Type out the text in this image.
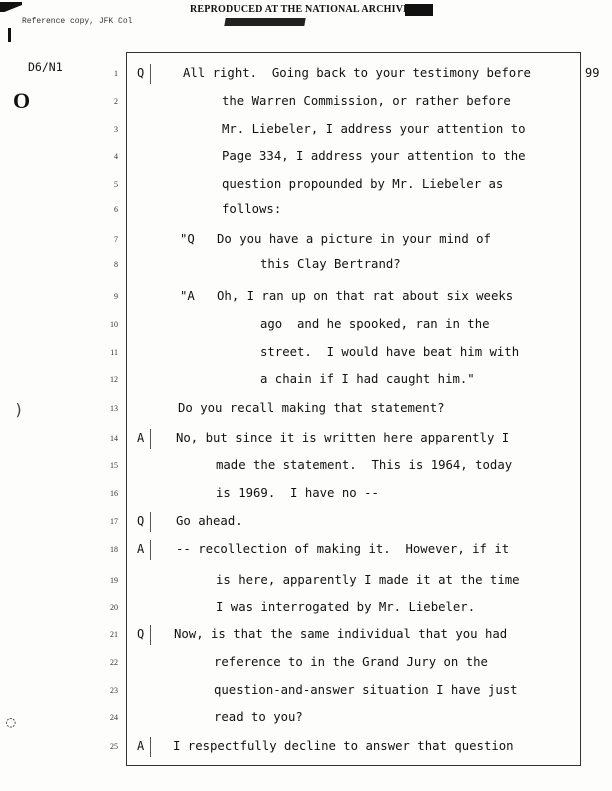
REPRODUCED AT THE NATIONAL ARCHIVES
Reference copy, JFK Col
D6/N1	99
O
)
◌
1 Q	All right.  Going back to your testimony before
2	the Warren Commission, or rather before
3	Mr. Liebeler, I address your attention to
4	Page 334, I address your attention to the
5	question propounded by Mr. Liebeler as
6	follows:
7	"Q   Do you have a picture in your mind of
8	this Clay Bertrand?
9	"A   Oh, I ran up on that rat about six weeks
10	ago  and he spooked, ran in the
11	street.  I would have beat him with
12	a chain if I had caught him."
13	Do you recall making that statement?
14 A	No, but since it is written here apparently I
15	made the statement.  This is 1964, today
16	is 1969.  I have no --
17 Q	Go ahead.
18 A	-- recollection of making it.  However, if it
19	is here, apparently I made it at the time
20	I was interrogated by Mr. Liebeler.
21 Q Now, is that the same individual that you had
22	reference to in the Grand Jury on the
23	question-and-answer situation I have just
24	read to you?
25 A I respectfully decline to answer that question
